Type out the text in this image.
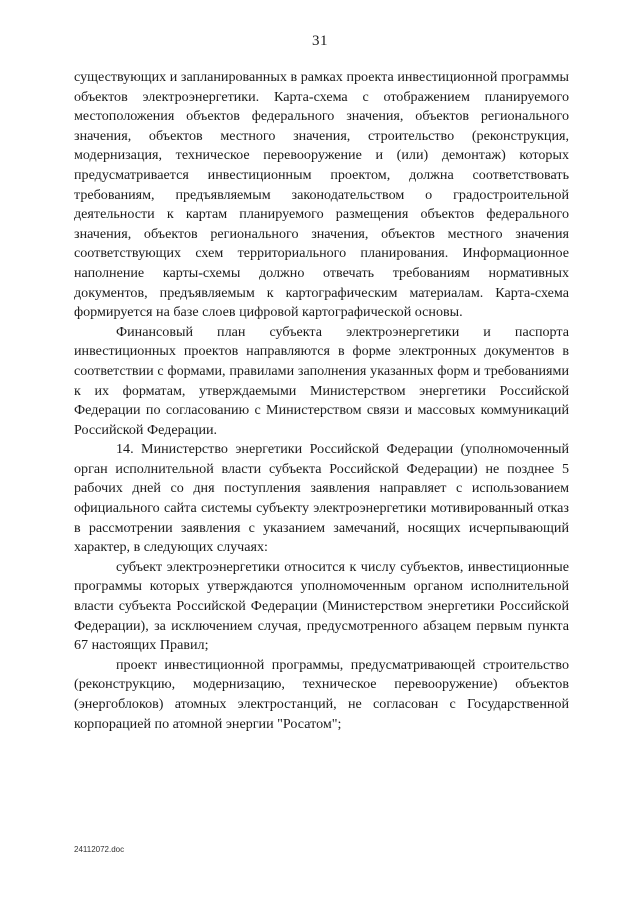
31

существующих и запланированных в рамках проекта инвестиционной программы объектов электроэнергетики. Карта-схема с отображением планируемого местоположения объектов федерального значения, объектов регионального значения, объектов местного значения, строительство (реконструкция, модернизация, техническое перевооружение и (или) демонтаж) которых предусматривается инвестиционным проектом, должна соответствовать требованиям, предъявляемым законодательством о градостроительной деятельности к картам планируемого размещения объектов федерального значения, объектов регионального значения, объектов местного значения соответствующих схем территориального планирования. Информационное наполнение карты-схемы должно отвечать требованиям нормативных документов, предъявляемым к картографическим материалам. Карта-схема формируется на базе слоев цифровой картографической основы.

Финансовый план субъекта электроэнергетики и паспорта инвестиционных проектов направляются в форме электронных документов в соответствии с формами, правилами заполнения указанных форм и требованиями к их форматам, утверждаемыми Министерством энергетики Российской Федерации по согласованию с Министерством связи и массовых коммуникаций Российской Федерации.

14. Министерство энергетики Российской Федерации (уполномоченный орган исполнительной власти субъекта Российской Федерации) не позднее 5 рабочих дней со дня поступления заявления направляет с использованием официального сайта системы субъекту электроэнергетики мотивированный отказ в рассмотрении заявления с указанием замечаний, носящих исчерпывающий характер, в следующих случаях:

субъект электроэнергетики относится к числу субъектов, инвестиционные программы которых утверждаются уполномоченным органом исполнительной власти субъекта Российской Федерации (Министерством энергетики Российской Федерации), за исключением случая, предусмотренного абзацем первым пункта 67 настоящих Правил;

проект инвестиционной программы, предусматривающей строительство (реконструкцию, модернизацию, техническое перевооружение) объектов (энергоблоков) атомных электростанций, не согласован с Государственной корпорацией по атомной энергии "Росатом";

24112072.doc
